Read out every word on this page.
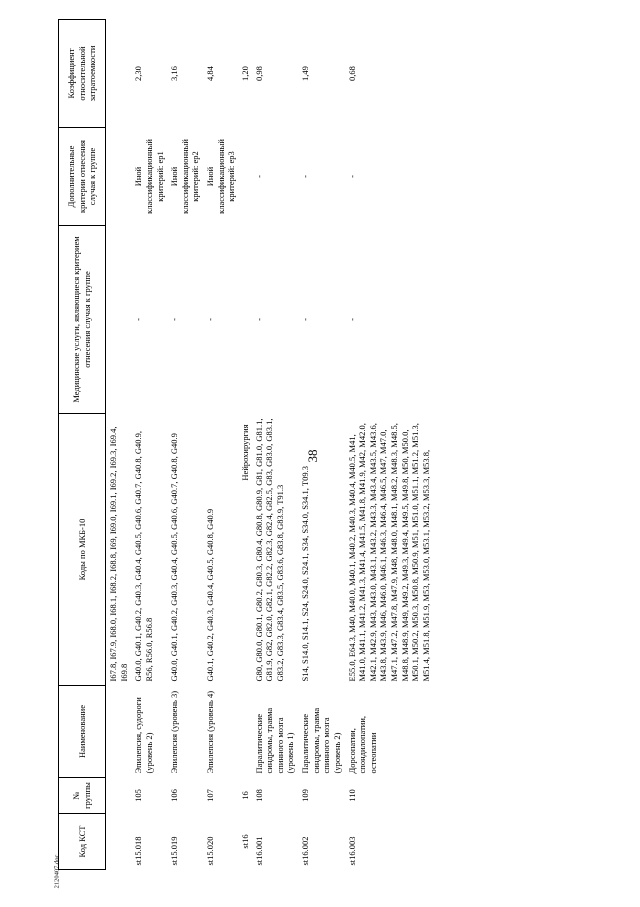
38
Код КСТ	№ группы	Наименование	Коды по МКБ-10	Медицинские услуги, являющиеся критерием отнесения случая к группе	Дополнительные критерии отнесения случая к группе	Коэффициент относительной затратоемкости
			I67.8, I67.9, I68.0, I68.1, I68.2, I68.8, I69, I69.0, I69.1, I69.2, I69.3, I69.4, I69.8			
st15.018	105	Эпилепсия, судороги (уровень 2)	G40.0, G40.1, G40.2, G40.3, G40.4, G40.5, G40.6, G40.7, G40.8, G40.9, R56, R56.0, R56.8	-	Иной классификационный критерий: ep1	2,30
st15.019	106	Эпилепсия (уровень 3)	G40.0, G40.1, G40.2, G40.3, G40.4, G40.5, G40.6, G40.7, G40.8, G40.9	-	Иной классификационный критерий: ep2	3,16
st15.020	107	Эпилепсия (уровень 4)	G40.1, G40.2, G40.3, G40.4, G40.5, G40.8, G40.9	-	Иной классификационный критерий: ep3	4,84
st16	16	Нейрохирургия				1,20
st16.001	108	Паралитические синдромы, травма спинного мозга (уровень 1)	G80, G80.0, G80.1, G80.2, G80.3, G80.4, G80.8, G80.9, G81, G81.0, G81.1, G81.9, G82, G82.0, G82.1, G82.2, G82.3, G82.4, G82.5, G83, G83.0, G83.1, G83.2, G83.3, G83.4, G83.5, G83.6, G83.8, G83.9, T91.3	-	-	0,98
st16.002	109	Паралитические синдромы, травма спинного мозга (уровень 2)	S14, S14.0, S14.1, S24, S24.0, S24.1, S34, S34.0, S34.1, T09.3	-	-	1,49
st16.003	110	Дорсопатии, спондилопатии, остеопатии	E55.0, E64.3, M40, M40.0, M40.1, M40.2, M40.3, M40.4, M40.5, M41, M41.0, M41.1, M41.2, M41.3, M41.4, M41.5, M41.8, M41.9, M42, M42.0, M42.1, M42.9, M43, M43.0, M43.1, M43.2, M43.3, M43.4, M43.5, M43.6, M43.8, M43.9, M46, M46.0, M46.1, M46.3, M46.4, M46.5, M47, M47.0, M47.1, M47.2, M47.8, M47.9, M48, M48.0, M48.1, M48.2, M48.3, M48.5, M48.8, M48.9, M49, M49.2, M49.3, M49.4, M49.5, M49.8, M50, M50.0, M50.1, M50.2, M50.3, M50.8, M50.9, M51, M51.0, M51.1, M51.2, M51.3, M51.4, M51.8, M51.9, M53, M53.0, M53.1, M53.2, M53.3, M53.8,	-	-	0,68
2120407.doc
